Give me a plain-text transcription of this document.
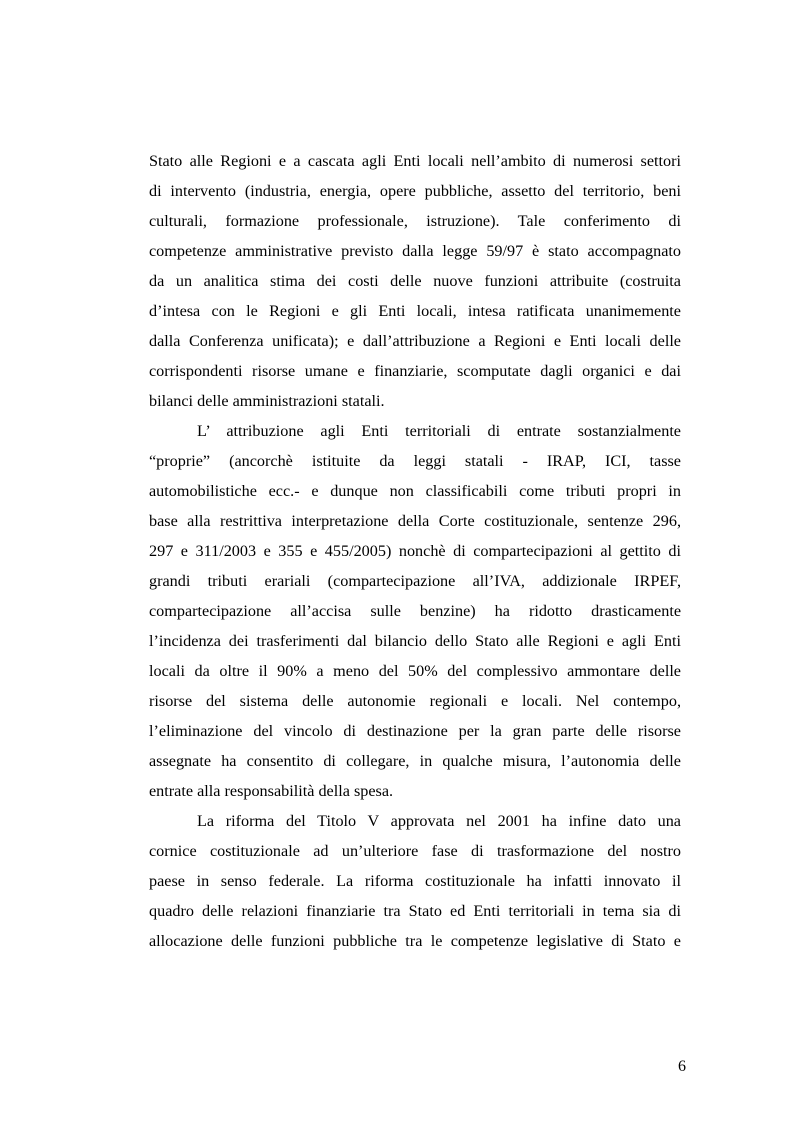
Stato alle Regioni e a cascata agli Enti locali nell’ambito di numerosi settori
di intervento (industria, energia, opere pubbliche, assetto del territorio, beni
culturali, formazione professionale, istruzione). Tale conferimento di
competenze amministrative previsto dalla legge 59/97 è stato accompagnato
da un analitica stima dei costi delle nuove funzioni attribuite (costruita
d’intesa con le Regioni e gli Enti locali, intesa ratificata unanimemente
dalla Conferenza unificata); e dall’attribuzione a Regioni e Enti locali delle
corrispondenti risorse umane e finanziarie, scomputate dagli organici e dai
bilanci delle amministrazioni statali.

L’ attribuzione agli Enti territoriali di entrate sostanzialmente
“proprie” (ancorchè istituite da leggi statali - IRAP, ICI, tasse
automobilistiche ecc.- e dunque non classificabili come tributi propri in
base alla restrittiva interpretazione della Corte costituzionale, sentenze 296,
297 e 311/2003 e 355 e 455/2005) nonchè di compartecipazioni al gettito di
grandi tributi erariali (compartecipazione all’IVA, addizionale IRPEF,
compartecipazione all’accisa sulle benzine) ha ridotto drasticamente
l’incidenza dei trasferimenti dal bilancio dello Stato alle Regioni e agli Enti
locali da oltre il 90% a meno del 50% del complessivo ammontare delle
risorse del sistema delle autonomie regionali e locali. Nel contempo,
l’eliminazione del vincolo di destinazione per la gran parte delle risorse
assegnate ha consentito di collegare, in qualche misura, l’autonomia delle
entrate alla responsabilità della spesa.

La riforma del Titolo V approvata nel 2001 ha infine dato una
cornice costituzionale ad un’ulteriore fase di trasformazione del nostro
paese in senso federale. La riforma costituzionale ha infatti innovato il
quadro delle relazioni finanziarie tra Stato ed Enti territoriali in tema sia di
allocazione delle funzioni pubbliche tra le competenze legislative di Stato e

6
